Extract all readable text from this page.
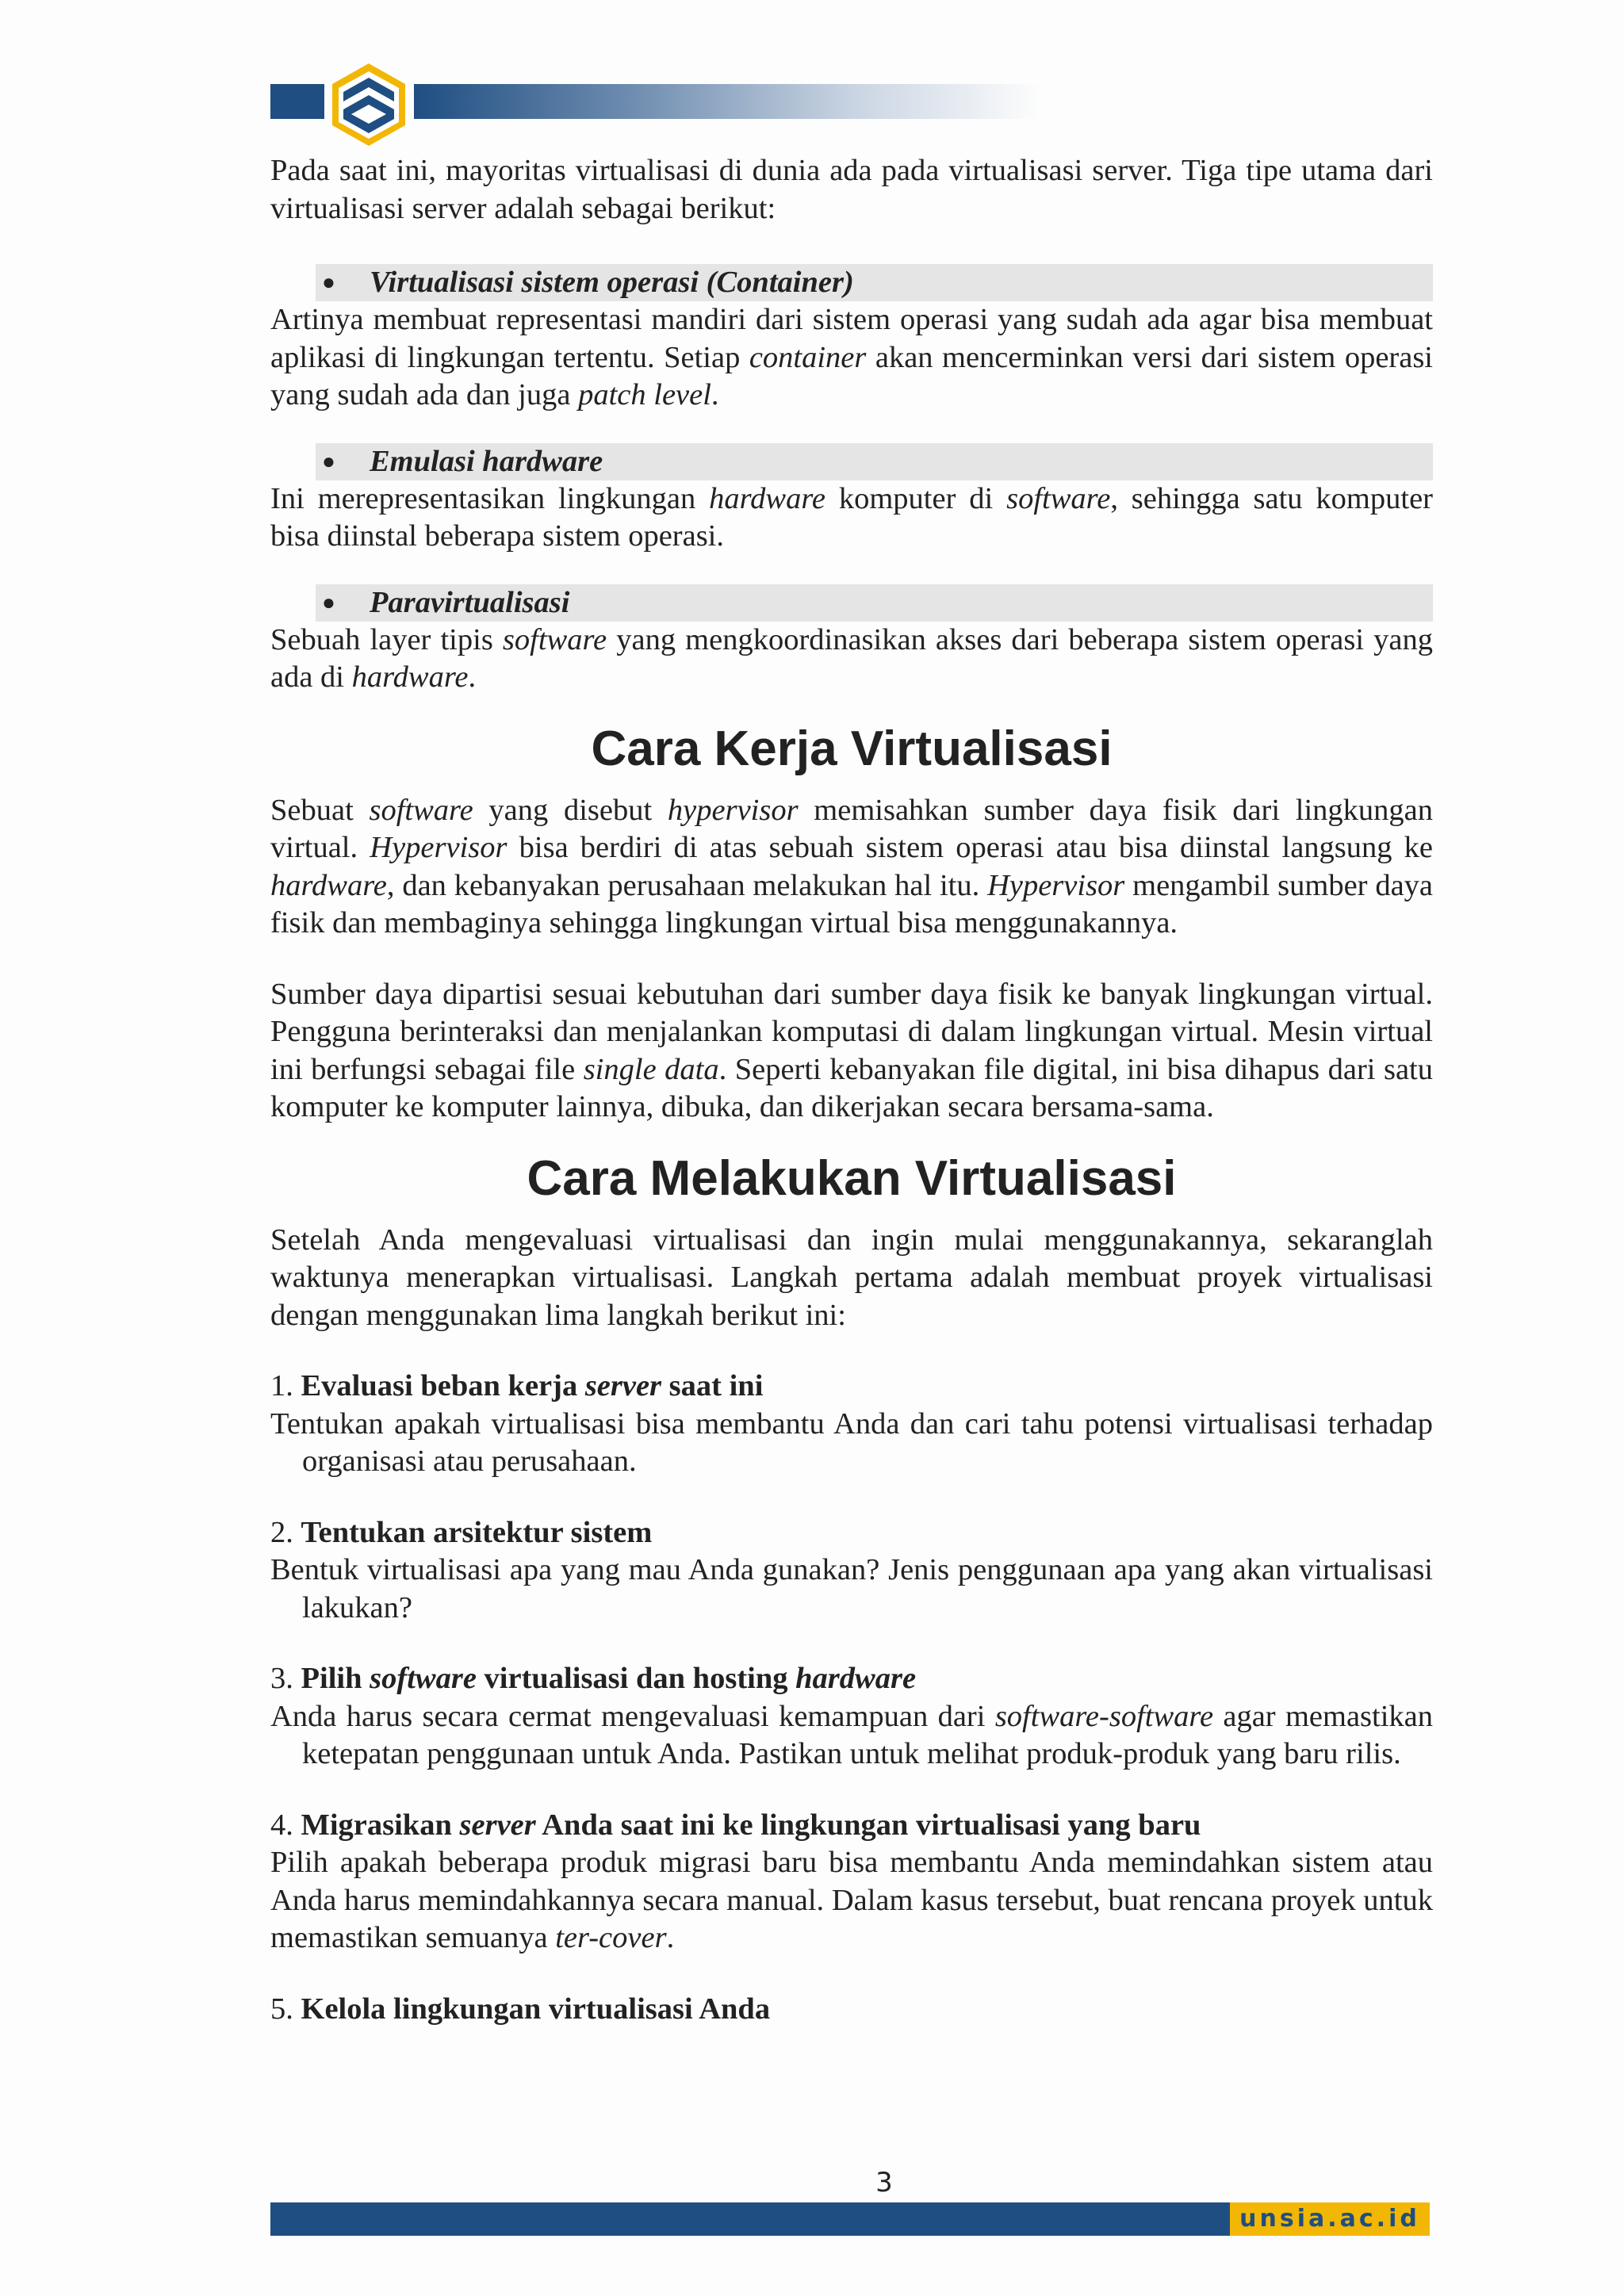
Pada saat ini, mayoritas virtualisasi di dunia ada pada virtualisasi server. Tiga tipe utama dari virtualisasi server adalah sebagai berikut:

● Virtualisasi sistem operasi (Container)

Artinya membuat representasi mandiri dari sistem operasi yang sudah ada agar bisa membuat aplikasi di lingkungan tertentu. Setiap container akan mencerminkan versi dari sistem operasi yang sudah ada dan juga patch level.

● Emulasi hardware

Ini merepresentasikan lingkungan hardware komputer di software, sehingga satu komputer bisa diinstal beberapa sistem operasi.

● Paravirtualisasi

Sebuah layer tipis software yang mengkoordinasikan akses dari beberapa sistem operasi yang ada di hardware.

Cara Kerja Virtualisasi

Sebuat software yang disebut hypervisor memisahkan sumber daya fisik dari lingkungan virtual. Hypervisor bisa berdiri di atas sebuah sistem operasi atau bisa diinstal langsung ke hardware, dan kebanyakan perusahaan melakukan hal itu. Hypervisor mengambil sumber daya fisik dan membaginya sehingga lingkungan virtual bisa menggunakannya.

Sumber daya dipartisi sesuai kebutuhan dari sumber daya fisik ke banyak lingkungan virtual. Pengguna berinteraksi dan menjalankan komputasi di dalam lingkungan virtual. Mesin virtual ini berfungsi sebagai file single data. Seperti kebanyakan file digital, ini bisa dihapus dari satu komputer ke komputer lainnya, dibuka, dan dikerjakan secara bersama-sama.

Cara Melakukan Virtualisasi

Setelah Anda mengevaluasi virtualisasi dan ingin mulai menggunakannya, sekaranglah waktunya menerapkan virtualisasi. Langkah pertama adalah membuat proyek virtualisasi dengan menggunakan lima langkah berikut ini:

1. Evaluasi beban kerja server saat ini

Tentukan apakah virtualisasi bisa membantu Anda dan cari tahu potensi virtualisasi terhadap organisasi atau perusahaan.

2. Tentukan arsitektur sistem

Bentuk virtualisasi apa yang mau Anda gunakan? Jenis penggunaan apa yang akan virtualisasi lakukan?

3. Pilih software virtualisasi dan hosting hardware

Anda harus secara cermat mengevaluasi kemampuan dari software-software agar memastikan ketepatan penggunaan untuk Anda. Pastikan untuk melihat produk-produk yang baru rilis.

4. Migrasikan server Anda saat ini ke lingkungan virtualisasi yang baru

Pilih apakah beberapa produk migrasi baru bisa membantu Anda memindahkan sistem atau Anda harus memindahkannya secara manual. Dalam kasus tersebut, buat rencana proyek untuk memastikan semuanya ter-cover.

5. Kelola lingkungan virtualisasi Anda

3
unsia.ac.id
